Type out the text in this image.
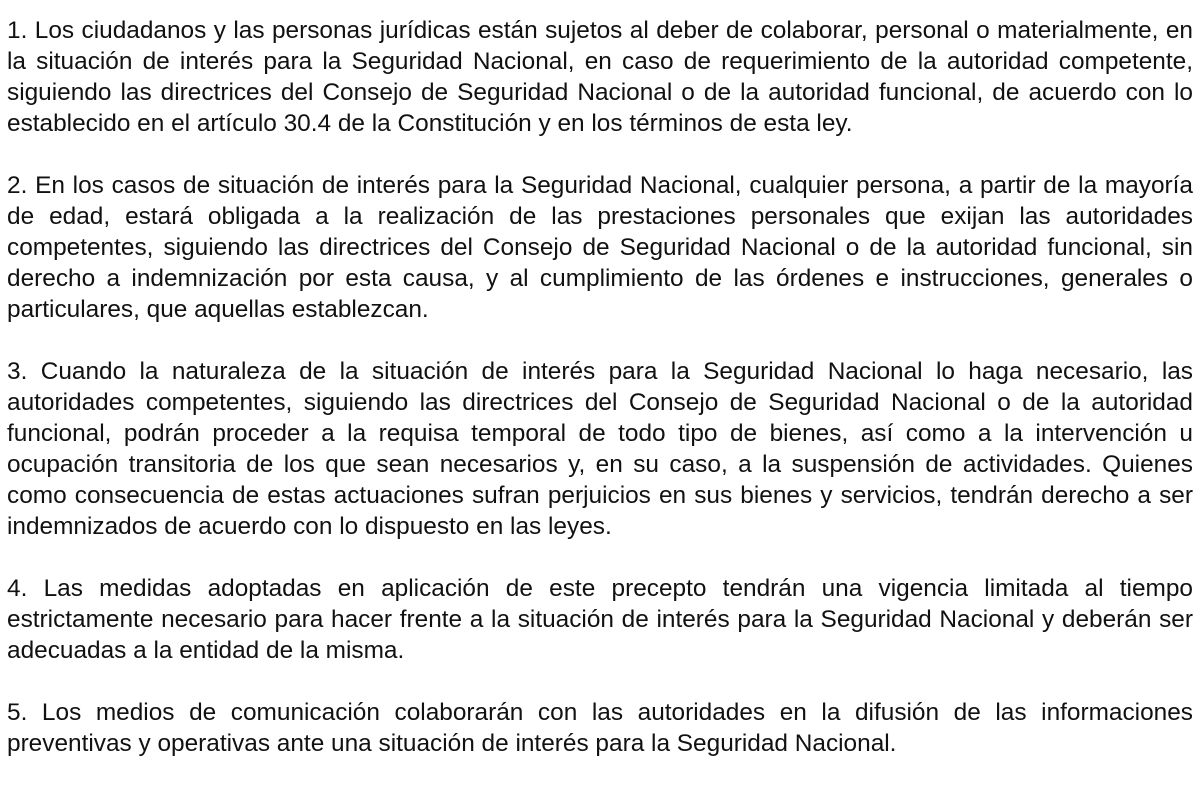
1. Los ciudadanos y las personas jurídicas están sujetos al deber de colaborar, personal o materialmente, en la situación de interés para la Seguridad Nacional, en caso de requerimiento de la autoridad competente, siguiendo las directrices del Consejo de Seguridad Nacional o de la autoridad funcional, de acuerdo con lo establecido en el artículo 30.4 de la Constitución y en los términos de esta ley.

2. En los casos de situación de interés para la Seguridad Nacional, cualquier persona, a partir de la mayoría de edad, estará obligada a la realización de las prestaciones personales que exijan las autoridades competentes, siguiendo las directrices del Consejo de Seguridad Nacional o de la autoridad funcional, sin derecho a indemnización por esta causa, y al cumplimiento de las órdenes e instrucciones, generales o particulares, que aquellas establezcan.

3. Cuando la naturaleza de la situación de interés para la Seguridad Nacional lo haga necesario, las autoridades competentes, siguiendo las directrices del Consejo de Seguridad Nacional o de la autoridad funcional, podrán proceder a la requisa temporal de todo tipo de bienes, así como a la intervención u ocupación transitoria de los que sean necesarios y, en su caso, a la suspensión de actividades. Quienes como consecuencia de estas actuaciones sufran perjuicios en sus bienes y servicios, tendrán derecho a ser indemnizados de acuerdo con lo dispuesto en las leyes.

4. Las medidas adoptadas en aplicación de este precepto tendrán una vigencia limitada al tiempo estrictamente necesario para hacer frente a la situación de interés para la Seguridad Nacional y deberán ser adecuadas a la entidad de la misma.

5. Los medios de comunicación colaborarán con las autoridades en la difusión de las informaciones preventivas y operativas ante una situación de interés para la Seguridad Nacional.
